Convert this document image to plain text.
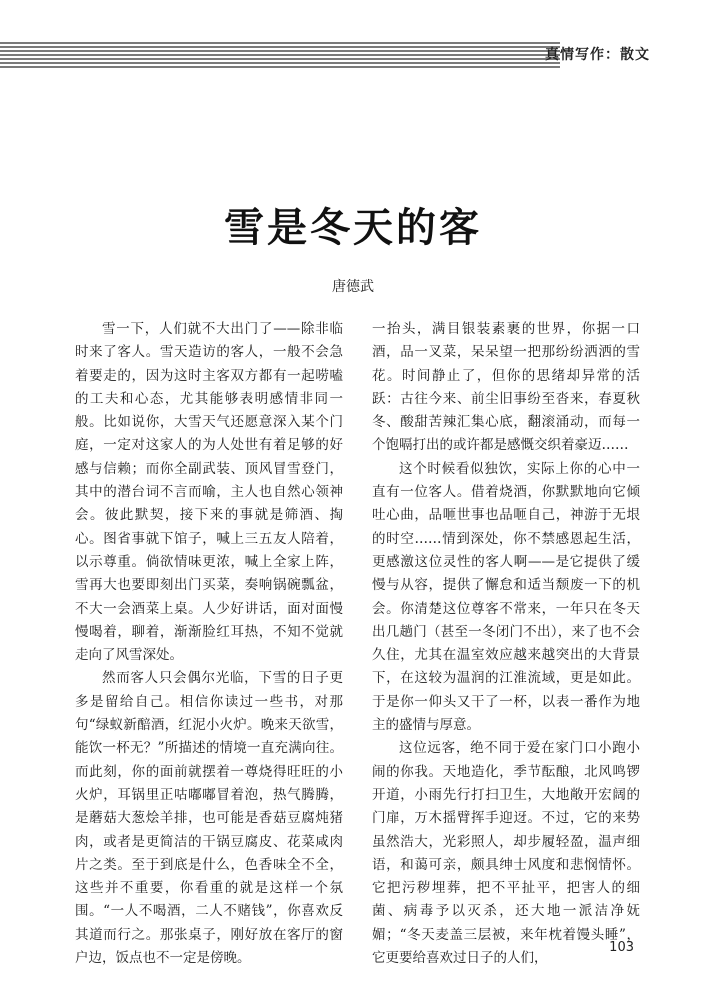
真情写作：散文
雪是冬天的客
唐德武

雪一下，人们就不大出门了——除非临时来了客人。雪天造访的客人，一般不会急着要走的，因为这时主客双方都有一起唠嗑的工夫和心态，尤其能够表明感情非同一般。比如说你，大雪天气还愿意深入某个门庭，一定对这家人的为人处世有着足够的好感与信赖；而你全副武装、顶风冒雪登门，其中的潜台词不言而喻，主人也自然心领神会。彼此默契，接下来的事就是筛酒、掏心。图省事就下馆子，喊上三五友人陪着，以示尊重。倘欲情味更浓，喊上全家上阵，雪再大也要即刻出门买菜，奏响锅碗瓢盆，不大一会酒菜上桌。人少好讲话，面对面慢慢喝着，聊着，渐渐脸红耳热，不知不觉就走向了风雪深处。

然而客人只会偶尔光临，下雪的日子更多是留给自己。相信你读过一些书，对那句“绿蚁新醅酒，红泥小火炉。晚来天欲雪，能饮一杯无？”所描述的情境一直充满向往。而此刻，你的面前就摆着一尊烧得旺旺的小火炉，耳锅里正咕嘟嘟冒着泡，热气腾腾，是蘑菇大葱烩羊排，也可能是香菇豆腐炖猪肉，或者是更简洁的干锅豆腐皮、花菜咸肉片之类。至于到底是什么，色香味全不全，这些并不重要，你看重的就是这样一个氛围。“一人不喝酒，二人不赌钱”，你喜欢反其道而行之。那张桌子，刚好放在客厅的窗户边，饭点也不一定是傍晚。

一抬头，满目银装素裹的世界，你据一口酒，品一叉菜，呆呆望一把那纷纷洒洒的雪花。时间静止了，但你的思绪却异常的活跃：古往今来、前尘旧事纷至沓来，春夏秋冬、酸甜苦辣汇集心底，翻滚涌动，而每一个饱嗝打出的或许都是感慨交织着豪迈……

这个时候看似独饮，实际上你的心中一直有一位客人。借着烧酒，你默默地向它倾吐心曲，品咂世事也品咂自己，神游于无垠的时空……情到深处，你不禁感恩起生活，更感激这位灵性的客人啊——是它提供了缓慢与从容，提供了懈怠和适当颓废一下的机会。你清楚这位尊客不常来，一年只在冬天出几趟门（甚至一冬闭门不出），来了也不会久住，尤其在温室效应越来越突出的大背景下，在这较为温润的江淮流域，更是如此。于是你一仰头又干了一杯，以表一番作为地主的盛情与厚意。

这位远客，绝不同于爱在家门口小跑小闹的你我。天地造化，季节酝酿，北风鸣锣开道，小雨先行打扫卫生，大地敞开宏阔的门扉，万木摇臂挥手迎迓。不过，它的来势虽然浩大，光彩照人，却步履轻盈，温声细语，和蔼可亲，颇具绅士风度和悲悯情怀。它把污秽埋葬，把不平扯平，把害人的细菌、病毒予以灭杀，还大地一派洁净妩媚；“冬天麦盖三层被，来年枕着馒头睡”，它更要给喜欢过日子的人们，

103
